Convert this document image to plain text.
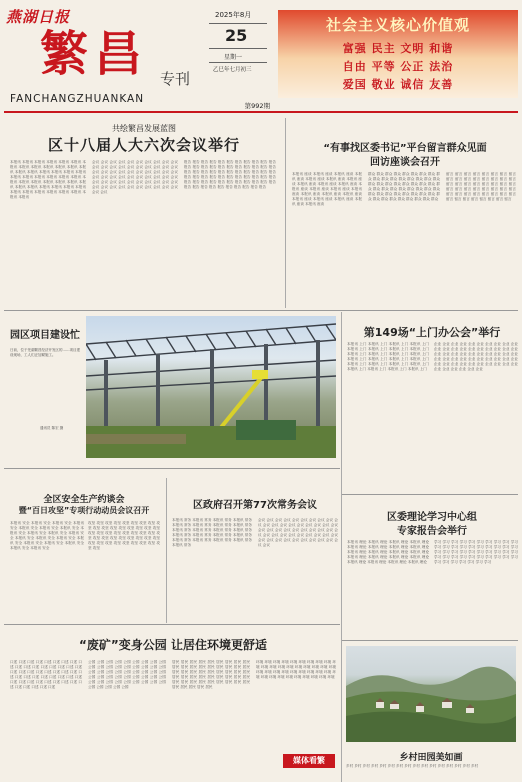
燕湖日报
繁昌 专刊
FANCHANGZHUANKAN
2025年8月
25
星期一
乙巳年七月初三
第992期
社会主义核心价值观
富强 民主 文明 和谐
自由 平等 公正 法治
爱国 敬业 诚信 友善
共绘繁昌发展蓝图
区十八届人大六次会议举行
本报讯 本报讯 本报讯 本报讯 本报讯 本报讯 本报讯 本报讯 本报讯 本报讯 本报讯 本报讯 本报讯 本报讯 本报讯 本报讯 本报讯 本报讯 本报讯 本报讯 本报讯 本报讯 本报讯 本报讯 本报讯 本报讯 本报讯 本报讯 本报讯 本报讯 本报讯 本报讯 本报讯 本报讯 本报讯 本报讯 本报讯 本报讯 本报讯 本报讯 本报讯 本报讯 本报讯 本报讯 本报讯 本报讯
会议 会议 会议 会议 会议 会议 会议 会议 会议 会议 会议 会议 会议 会议 会议 会议 会议 会议 会议 会议 会议 会议 会议 会议 会议 会议 会议 会议 会议 会议 会议 会议 会议 会议 会议 会议 会议 会议 会议 会议 会议 会议 会议 会议 会议 会议 会议 会议 会议 会议 会议 会议 会议 会议 会议 会议 会议 会议 会议 会议 会议 会议
报告 报告 报告 报告 报告 报告 报告 报告 报告 报告 报告 报告 报告 报告 报告 报告 报告 报告 报告 报告 报告 报告 报告 报告 报告 报告 报告 报告 报告 报告 报告 报告 报告 报告 报告 报告 报告 报告 报告 报告 报告 报告 报告 报告 报告 报告 报告 报告 报告 报告 报告 报告 报告 报告 报告 报告 报告 报告 报告 报告 报告 报告 报告 报告 报告
“有事找区委书记”平台留言群众见面
回访座谈会召开
本报讯 座谈 本报讯 座谈 本报讯 座谈 本报讯 座谈 本报讯 座谈 本报讯 座谈 本报讯 座谈 本报讯 座谈 本报讯 座谈 本报讯 座谈 本报讯 座谈 本报讯 座谈 本报讯 座谈 本报讯 座谈 本报讯 座谈 本报讯 座谈 本报讯 座谈 本报讯 座谈 本报讯 座谈 本报讯 座谈 本报讯 座谈 本报讯 座谈
群众 群众 群众 群众 群众 群众 群众 群众 群众 群众 群众 群众 群众 群众 群众 群众 群众 群众 群众 群众 群众 群众 群众 群众 群众 群众 群众 群众 群众 群众 群众 群众 群众 群众 群众 群众 群众 群众 群众 群众 群众 群众 群众 群众 群众 群众 群众 群众 群众 群众 群众
留言 留言 留言 留言 留言 留言 留言 留言 留言 留言 留言 留言 留言 留言 留言 留言 留言 留言 留言 留言 留言 留言 留言 留言 留言 留言 留言 留言 留言 留言 留言 留言 留言 留言 留言 留言 留言 留言 留言 留言 留言 留言 留言 留言 留言 留言 留言 留言
园区项目建设忙
日前，位于芜湖繁昌经济开发区的……项目建设现场，工人们正加紧施工。
通讯员 陈宏 摄
第149场“上门办公会”举行
本报讯 上门 本报讯 上门 本报讯 上门 本报讯 上门 本报讯 上门 本报讯 上门 本报讯 上门 本报讯 上门 本报讯 上门 本报讯 上门 本报讯 上门 本报讯 上门 本报讯 上门 本报讯 上门 本报讯 上门 本报讯 上门 本报讯 上门 本报讯 上门 本报讯 上门 本报讯 上门 本报讯 上门 本报讯 上门 本报讯 上门 本报讯 上门
企业 企业 企业 企业 企业 企业 企业 企业 企业 企业 企业 企业 企业 企业 企业 企业 企业 企业 企业 企业 企业 企业 企业 企业 企业 企业 企业 企业 企业 企业 企业 企业 企业 企业 企业 企业 企业 企业 企业 企业 企业 企业 企业 企业 企业 企业 企业 企业 企业 企业 企业 企业 企业 企业 企业 企业
全区安全生产约谈会
暨“百日攻坚”专项行动动员会议召开
本报讯 安全 本报讯 安全 本报讯 安全 本报讯 安全 本报讯 安全 本报讯 安全 本报讯 安全 本报讯 安全 本报讯 安全 本报讯 安全 本报讯 安全 本报讯 安全 本报讯 安全 本报讯 安全 本报讯 安全 本报讯 安全 本报讯 安全 本报讯 安全 本报讯 安全 本报讯 安全
攻坚 攻坚 攻坚 攻坚 攻坚 攻坚 攻坚 攻坚 攻坚 攻坚 攻坚 攻坚 攻坚 攻坚 攻坚 攻坚 攻坚 攻坚 攻坚 攻坚 攻坚 攻坚 攻坚 攻坚 攻坚 攻坚 攻坚 攻坚 攻坚 攻坚 攻坚 攻坚 攻坚 攻坚 攻坚 攻坚 攻坚 攻坚 攻坚 攻坚 攻坚 攻坚 攻坚 攻坚
区政府召开第77次常务会议
本报讯 常务 本报讯 常务 本报讯 常务 本报讯 常务 本报讯 常务 本报讯 常务 本报讯 常务 本报讯 常务 本报讯 常务 本报讯 常务 本报讯 常务 本报讯 常务 本报讯 常务 本报讯 常务 本报讯 常务 本报讯 常务 本报讯 常务 本报讯 常务 本报讯 常务 本报讯 常务 本报讯 常务
会议 会议 会议 会议 会议 会议 会议 会议 会议 会议 会议 会议 会议 会议 会议 会议 会议 会议 会议 会议 会议 会议 会议 会议 会议 会议 会议 会议 会议 会议 会议 会议 会议 会议 会议 会议 会议 会议 会议 会议 会议 会议 会议 会议 会议 会议 会议 会议 会议
区委理论学习中心组
专家报告会举行
本报讯 理论 本报讯 理论 本报讯 理论 本报讯 理论 本报讯 理论 本报讯 理论 本报讯 理论 本报讯 理论 本报讯 理论 本报讯 理论 本报讯 理论 本报讯 理论 本报讯 理论 本报讯 理论 本报讯 理论 本报讯 理论 本报讯 理论 本报讯 理论 本报讯 理论 本报讯 理论
学习 学习 学习 学习 学习 学习 学习 学习 学习 学习 学习 学习 学习 学习 学习 学习 学习 学习 学习 学习 学习 学习 学习 学习 学习 学习 学习 学习 学习 学习 学习 学习 学习 学习 学习 学习 学习 学习 学习 学习 学习 学习 学习 学习 学习 学习 学习
“废矿”变身公园 让居住环境更舒适
口述 口述 口述 口述 口述 口述 口述 口述 口述 口述 口述 口述 口述 口述 口述 口述 口述 口述 口述 口述 口述 口述 口述 口述 口述 口述 口述 口述 口述 口述 口述 口述 口述 口述 口述 口述 口述 口述 口述 口述 口述 口述 口述 口述 口述 口述 口述 口述
公园 公园 公园 公园 公园 公园 公园 公园 公园 公园 公园 公园 公园 公园 公园 公园 公园 公园 公园 公园 公园 公园 公园 公园 公园 公园 公园 公园 公园 公园 公园 公园 公园 公园 公园 公园 公园 公园 公园 公园 公园 公园 公园 公园 公园 公园 公园 公园 公园 公园
居民 居民 居民 居民 居民 居民 居民 居民 居民 居民 居民 居民 居民 居民 居民 居民 居民 居民 居民 居民 居民 居民 居民 居民 居民 居民 居民 居民 居民 居民 居民 居民 居民 居民 居民 居民 居民 居民 居民 居民 居民 居民 居民 居民 居民 居民 居民 居民 居民 居民
环境 环境 环境 环境 环境 环境 环境 环境 环境 环境 环境 环境 环境 环境 环境 环境 环境 环境 环境 环境 环境 环境 环境 环境 环境 环境 环境 环境 环境 环境 环境 环境 环境 环境 环境 环境 环境 环境
媒体看繁	乡村田园美如画
乡村 乡村 乡村 乡村 乡村 乡村 乡村 乡村 乡村 乡村 乡村 乡村 乡村 乡村 乡村 乡村
